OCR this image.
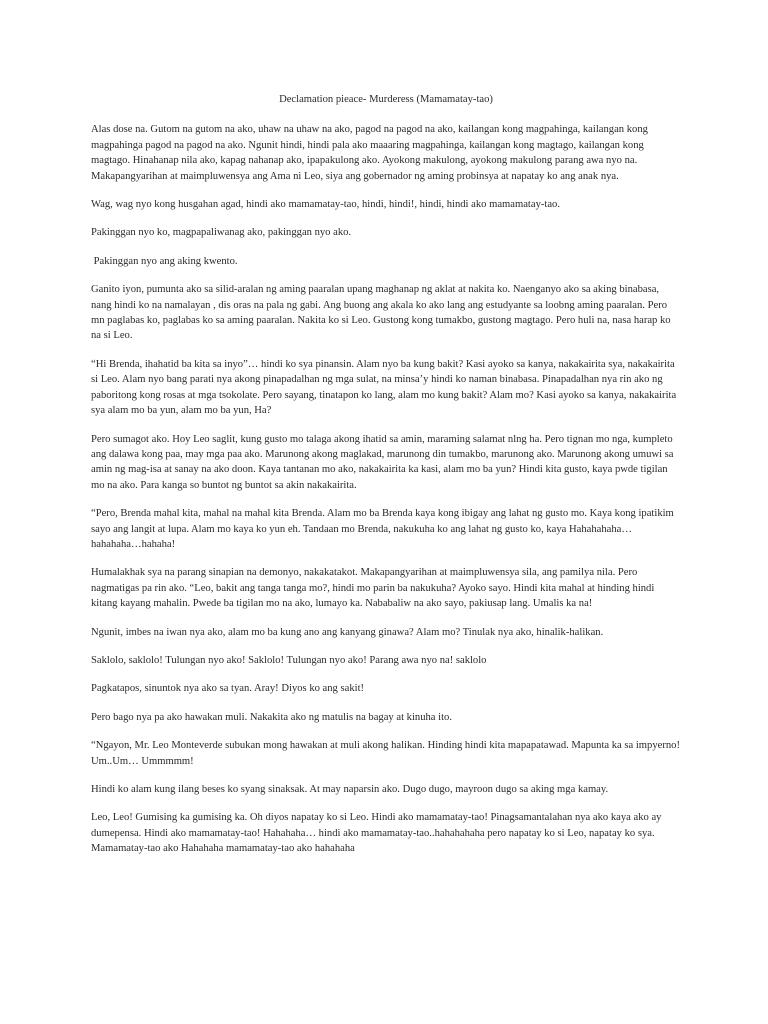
Declamation pieace- Murderess (Mamamatay-tao)

Alas dose na. Gutom na gutom na ako, uhaw na uhaw na ako, pagod na pagod na ako, kailangan kong magpahinga, kailangan kong magpahinga pagod na pagod na ako. Ngunit hindi, hindi pala ako maaaring magpahinga, kailangan kong magtago, kailangan kong magtago. Hinahanap nila ako, kapag nahanap ako, ipapakulong ako. Ayokong makulong, ayokong makulong parang awa nyo na. Makapangyarihan at maimpluwensya ang Ama ni Leo, siya ang gobernador ng aming probinsya at napatay ko ang anak nya.

Wag, wag nyo kong husgahan agad, hindi ako mamamatay-tao, hindi, hindi!, hindi, hindi ako mamamatay-tao.

Pakinggan nyo ko, magpapaliwanag ako, pakinggan nyo ako.

Pakinggan nyo ang aking kwento.

Ganito iyon, pumunta ako sa silid-aralan ng aming paaralan upang maghanap ng aklat at nakita ko. Naenganyo ako sa aking binabasa, nang hindi ko na namalayan , dis oras na pala ng gabi. Ang buong ang akala ko ako lang ang estudyante sa loobng aming paaralan. Pero mn paglabas ko, paglabas ko sa aming paaralan. Nakita ko si Leo. Gustong kong tumakbo, gustong magtago. Pero huli na, nasa harap ko na si Leo.

“Hi Brenda, ihahatid ba kita sa inyo”… hindi ko sya pinansin. Alam nyo ba kung bakit? Kasi ayoko sa kanya, nakakairita sya, nakakairita si Leo. Alam nyo bang parati nya akong pinapadalhan ng mga sulat, na minsa’y hindi ko naman binabasa. Pinapadalhan nya rin ako ng paboritong kong rosas at mga tsokolate. Pero sayang, tinatapon ko lang, alam mo kung bakit? Alam mo? Kasi ayoko sa kanya, nakakairita sya alam mo ba yun, alam mo ba yun, Ha?

Pero sumagot ako. Hoy Leo saglit, kung gusto mo talaga akong ihatid sa amin, maraming salamat nlng ha. Pero tignan mo nga, kumpleto ang dalawa kong paa, may mga paa ako. Marunong akong maglakad, marunong din tumakbo, marunong ako. Marunong akong umuwi sa amin ng mag-isa at sanay na ako doon. Kaya tantanan mo ako, nakakairita ka kasi, alam mo ba yun? Hindi kita gusto, kaya pwde tigilan mo na ako. Para kanga so buntot ng buntot sa akin nakakairita.

“Pero, Brenda mahal kita, mahal na mahal kita Brenda. Alam mo ba Brenda kaya kong ibigay ang lahat ng gusto mo. Kaya kong ipatikim sayo ang langit at lupa. Alam mo kaya ko yun eh. Tandaan mo Brenda, nakukuha ko ang lahat ng gusto ko, kaya Hahahahaha… hahahaha…hahaha!

Humalakhak sya na parang sinapian na demonyo, nakakatakot. Makapangyarihan at maimpluwensya sila, ang pamilya nila. Pero nagmatigas pa rin ako. “Leo, bakit ang tanga tanga mo?, hindi mo parin ba nakukuha? Ayoko sayo. Hindi kita mahal at hinding hindi kitang kayang mahalin. Pwede ba tigilan mo na ako, lumayo ka. Nababaliw na ako sayo, pakiusap lang. Umalis ka na!

Ngunit, imbes na iwan nya ako, alam mo ba kung ano ang kanyang ginawa? Alam mo? Tinulak nya ako, hinalik-halikan.

Saklolo, saklolo! Tulungan nyo ako! Saklolo! Tulungan nyo ako! Parang awa nyo na! saklolo

Pagkatapos, sinuntok nya ako sa tyan. Aray! Diyos ko ang sakit!

Pero bago nya pa ako hawakan muli. Nakakita ako ng matulis na bagay at kinuha ito.

“Ngayon, Mr. Leo Monteverde subukan mong hawakan at muli akong halikan. Hinding hindi kita mapapatawad. Mapunta ka sa impyerno! Um..Um… Ummmmm!

Hindi ko alam kung ilang beses ko syang sinaksak. At may naparsin ako. Dugo dugo, mayroon dugo sa aking mga kamay.

Leo, Leo! Gumising ka gumising ka. Oh diyos napatay ko si Leo. Hindi ako mamamatay-tao! Pinagsamantalahan nya ako kaya ako ay dumepensa. Hindi ako mamamatay-tao! Hahahaha… hindi ako mamamatay-tao..hahahahaha pero napatay ko si Leo, napatay ko sya. Mamamatay-tao ako Hahahaha mamamatay-tao ako hahahaha
